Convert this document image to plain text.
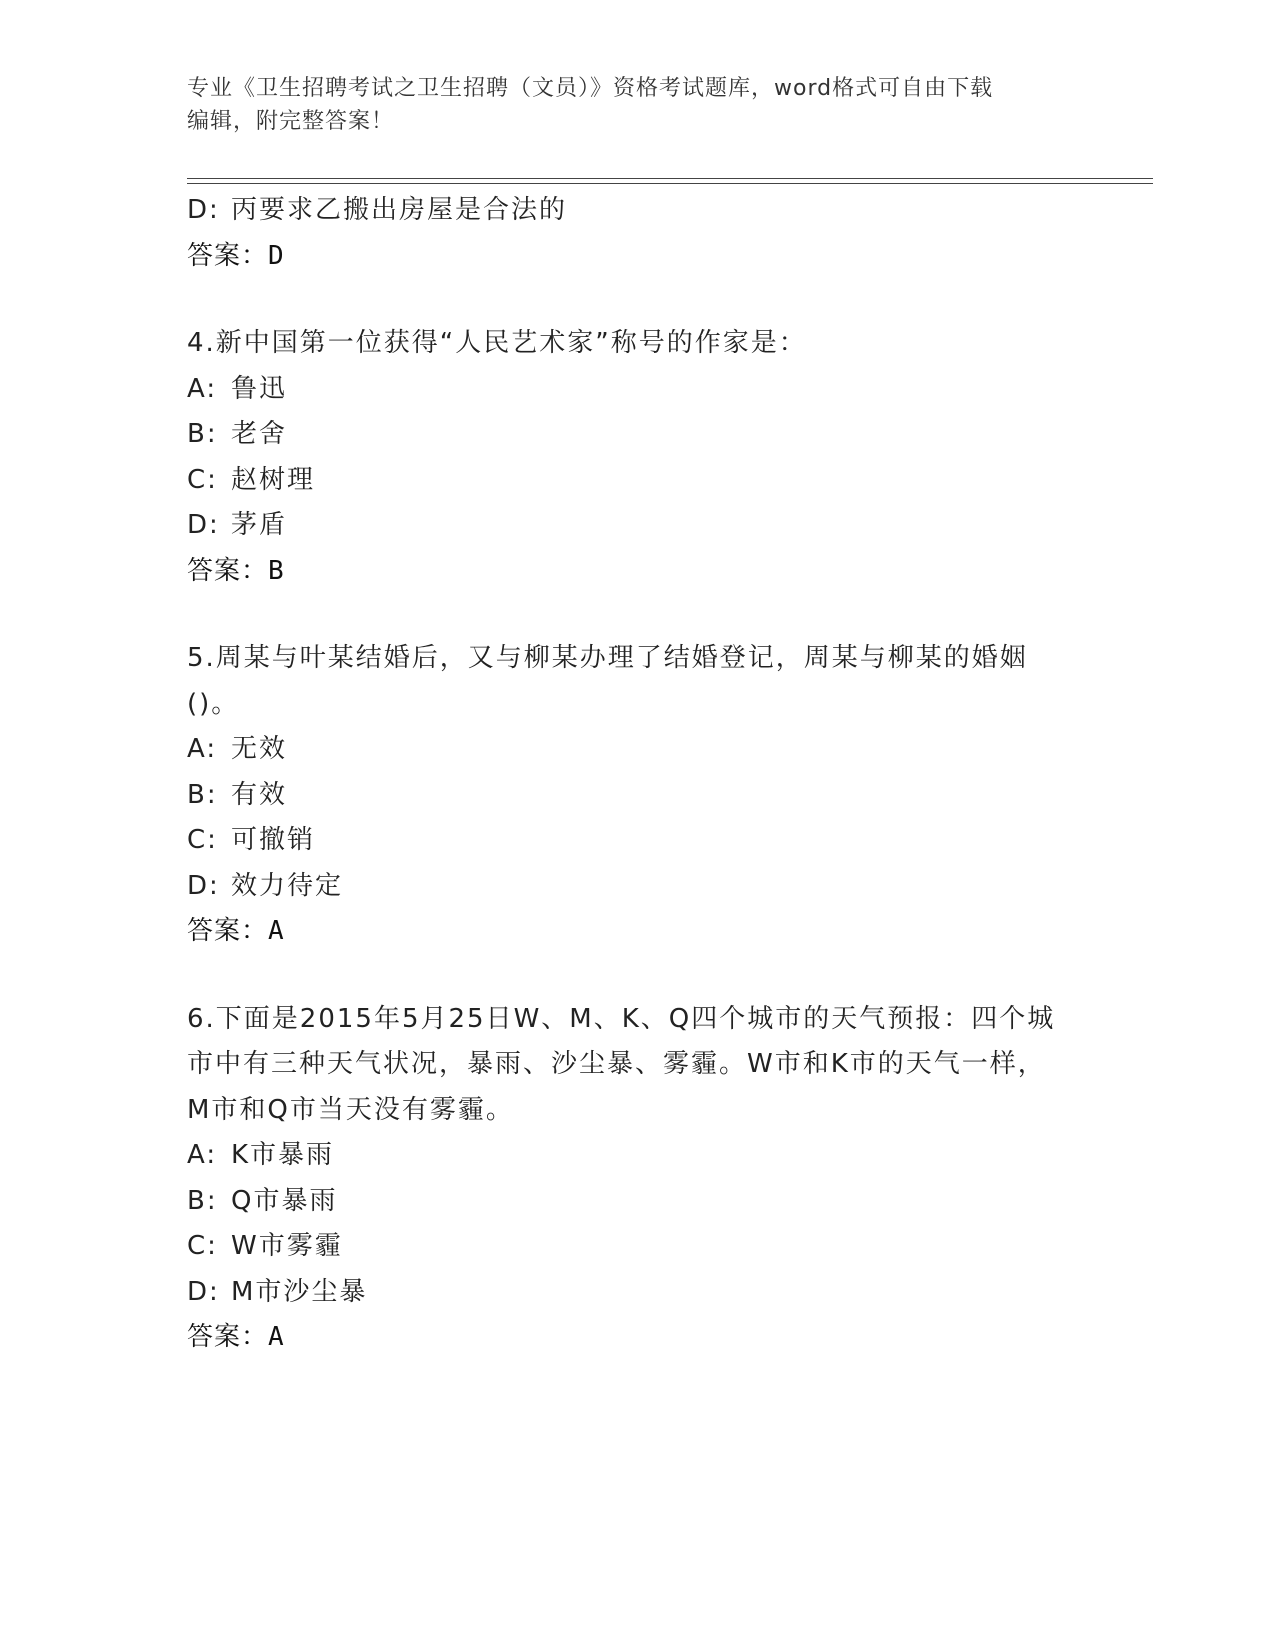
专业《卫生招聘考试之卫生招聘（文员）》资格考试题库，word格式可自由下载
编辑，附完整答案！
D: 丙要求乙搬出房屋是合法的
答案：D
4.新中国第一位获得“人民艺术家”称号的作家是：
A: 鲁迅
B: 老舍
C: 赵树理
D: 茅盾
答案：B
5.周某与叶某结婚后，又与柳某办理了结婚登记，周某与柳某的婚姻
()。
A: 无效
B: 有效
C: 可撤销
D: 效力待定
答案：A
6.下面是2015年5月25日W、M、K、Q四个城市的天气预报：四个城
市中有三种天气状况，暴雨、沙尘暴、雾霾。W市和K市的天气一样，
M市和Q市当天没有雾霾。
A: K市暴雨
B: Q市暴雨
C: W市雾霾
D: M市沙尘暴
答案：A
